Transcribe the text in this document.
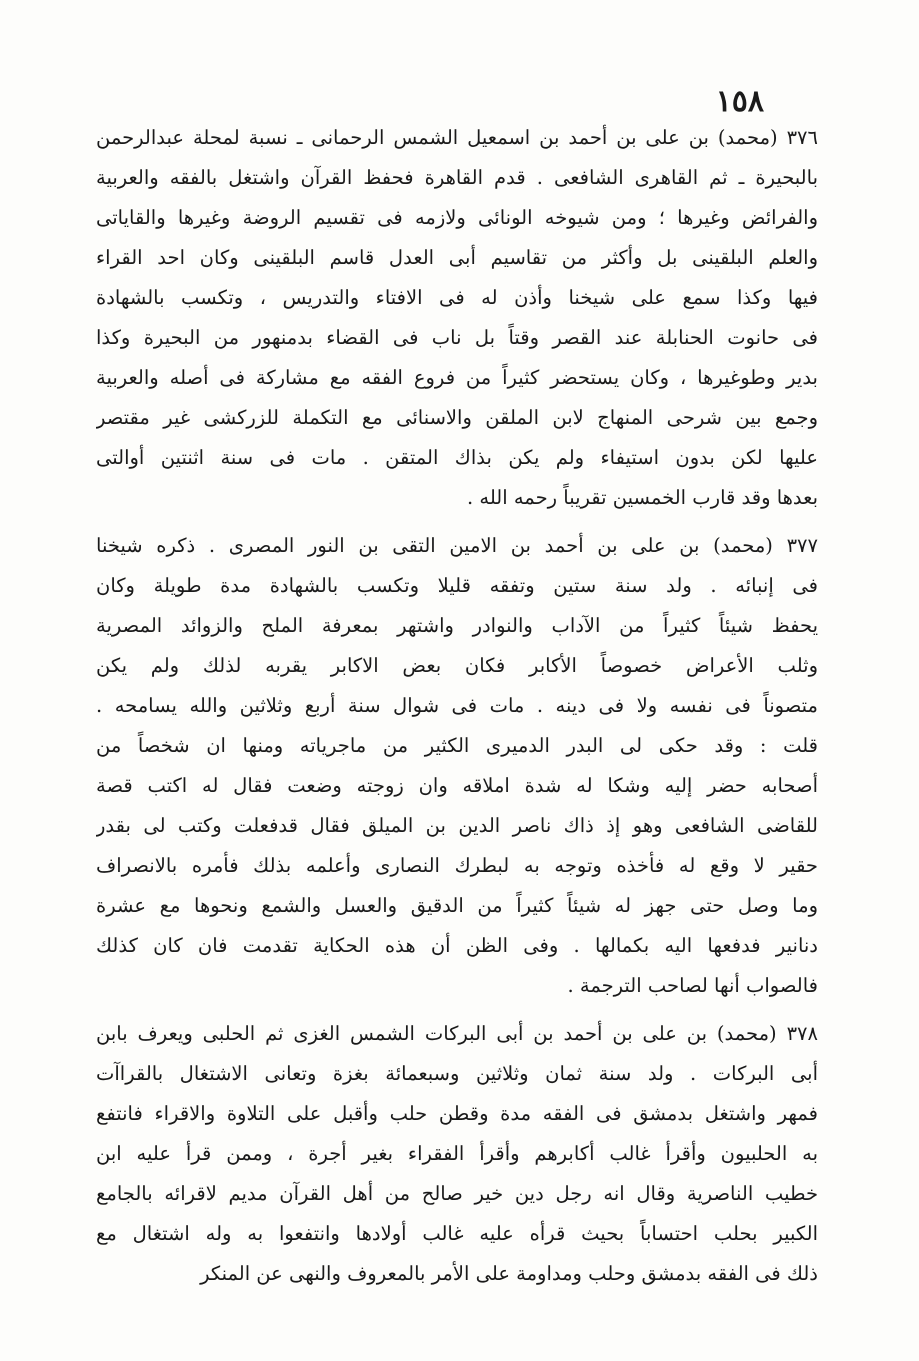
١٥٨
٣٧٦ (محمد) بن على بن أحمد بن اسمعيل الشمس الرحمانى ـ نسبة لمحلة عبدالرحمن
بالبحيرة ـ ثم القاهرى الشافعى . قدم القاهرة فحفظ القرآن واشتغل بالفقه والعربية
والفرائض وغيرها ؛ ومن شيوخه الونائى ولازمه فى تقسيم الروضة وغيرها والقاياتى
والعلم البلقينى بل وأكثر من تقاسيم أبى العدل قاسم البلقينى وكان احد القراء
فيها وكذا سمع على شيخنا وأذن له فى الافتاء والتدريس ، وتكسب بالشهادة
فى حانوت الحنابلة عند القصر وقتاً بل ناب فى القضاء بدمنهور من البحيرة وكذا
بدير وطوغيرها ، وكان يستحضر كثيراً من فروع الفقه مع مشاركة فى أصله والعربية
وجمع بين شرحى المنهاج لابن الملقن والاسنائى مع التكملة للزركشى غير مقتصر
عليها لكن بدون استيفاء ولم يكن بذاك المتقن . مات فى سنة اثنتين أوالتى
بعدها وقد قارب الخمسين تقريباً رحمه الله .
٣٧٧ (محمد) بن على بن أحمد بن الامين التقى بن النور المصرى . ذكره شيخنا
فى إنبائه . ولد سنة ستين وتفقه قليلا وتكسب بالشهادة مدة طويلة وكان
يحفظ شيئاً كثيراً من الآداب والنوادر واشتهر بمعرفة الملح والزوائد المصرية
وثلب الأعراض خصوصاً الأكابر فكان بعض الاكابر يقربه لذلك ولم يكن
متصوناً فى نفسه ولا فى دينه . مات فى شوال سنة أربع وثلاثين والله يسامحه .
قلت : وقد حكى لى البدر الدميرى الكثير من ماجرياته ومنها ان شخصاً من
أصحابه حضر إليه وشكا له شدة املاقه وان زوجته وضعت فقال له اكتب قصة
للقاضى الشافعى وهو إذ ذاك ناصر الدين بن الميلق فقال قدفعلت وكتب لى بقدر
حقير لا وقع له فأخذه وتوجه به لبطرك النصارى وأعلمه بذلك فأمره بالانصراف
وما وصل حتى جهز له شيئاً كثيراً من الدقيق والعسل والشمع ونحوها مع عشرة
دنانير فدفعها اليه بكمالها . وفى الظن أن هذه الحكاية تقدمت فان كان كذلك
فالصواب أنها لصاحب الترجمة .
٣٧٨ (محمد) بن على بن أحمد بن أبى البركات الشمس الغزى ثم الحلبى ويعرف بابن
أبى البركات . ولد سنة ثمان وثلاثين وسبعمائة بغزة وتعانى الاشتغال بالقراآت
فمهر واشتغل بدمشق فى الفقه مدة وقطن حلب وأقبل على التلاوة والاقراء فانتفع
به الحلبيون وأقرأ غالب أكابرهم وأقرأ الفقراء بغير أجرة ، وممن قرأ عليه ابن
خطيب الناصرية وقال انه رجل دين خير صالح من أهل القرآن مديم لاقرائه بالجامع
الكبير بحلب احتساباً بحيث قرأه عليه غالب أولادها وانتفعوا به وله اشتغال مع
ذلك فى الفقه بدمشق وحلب ومداومة على الأمر بالمعروف والنهى عن المنكر
